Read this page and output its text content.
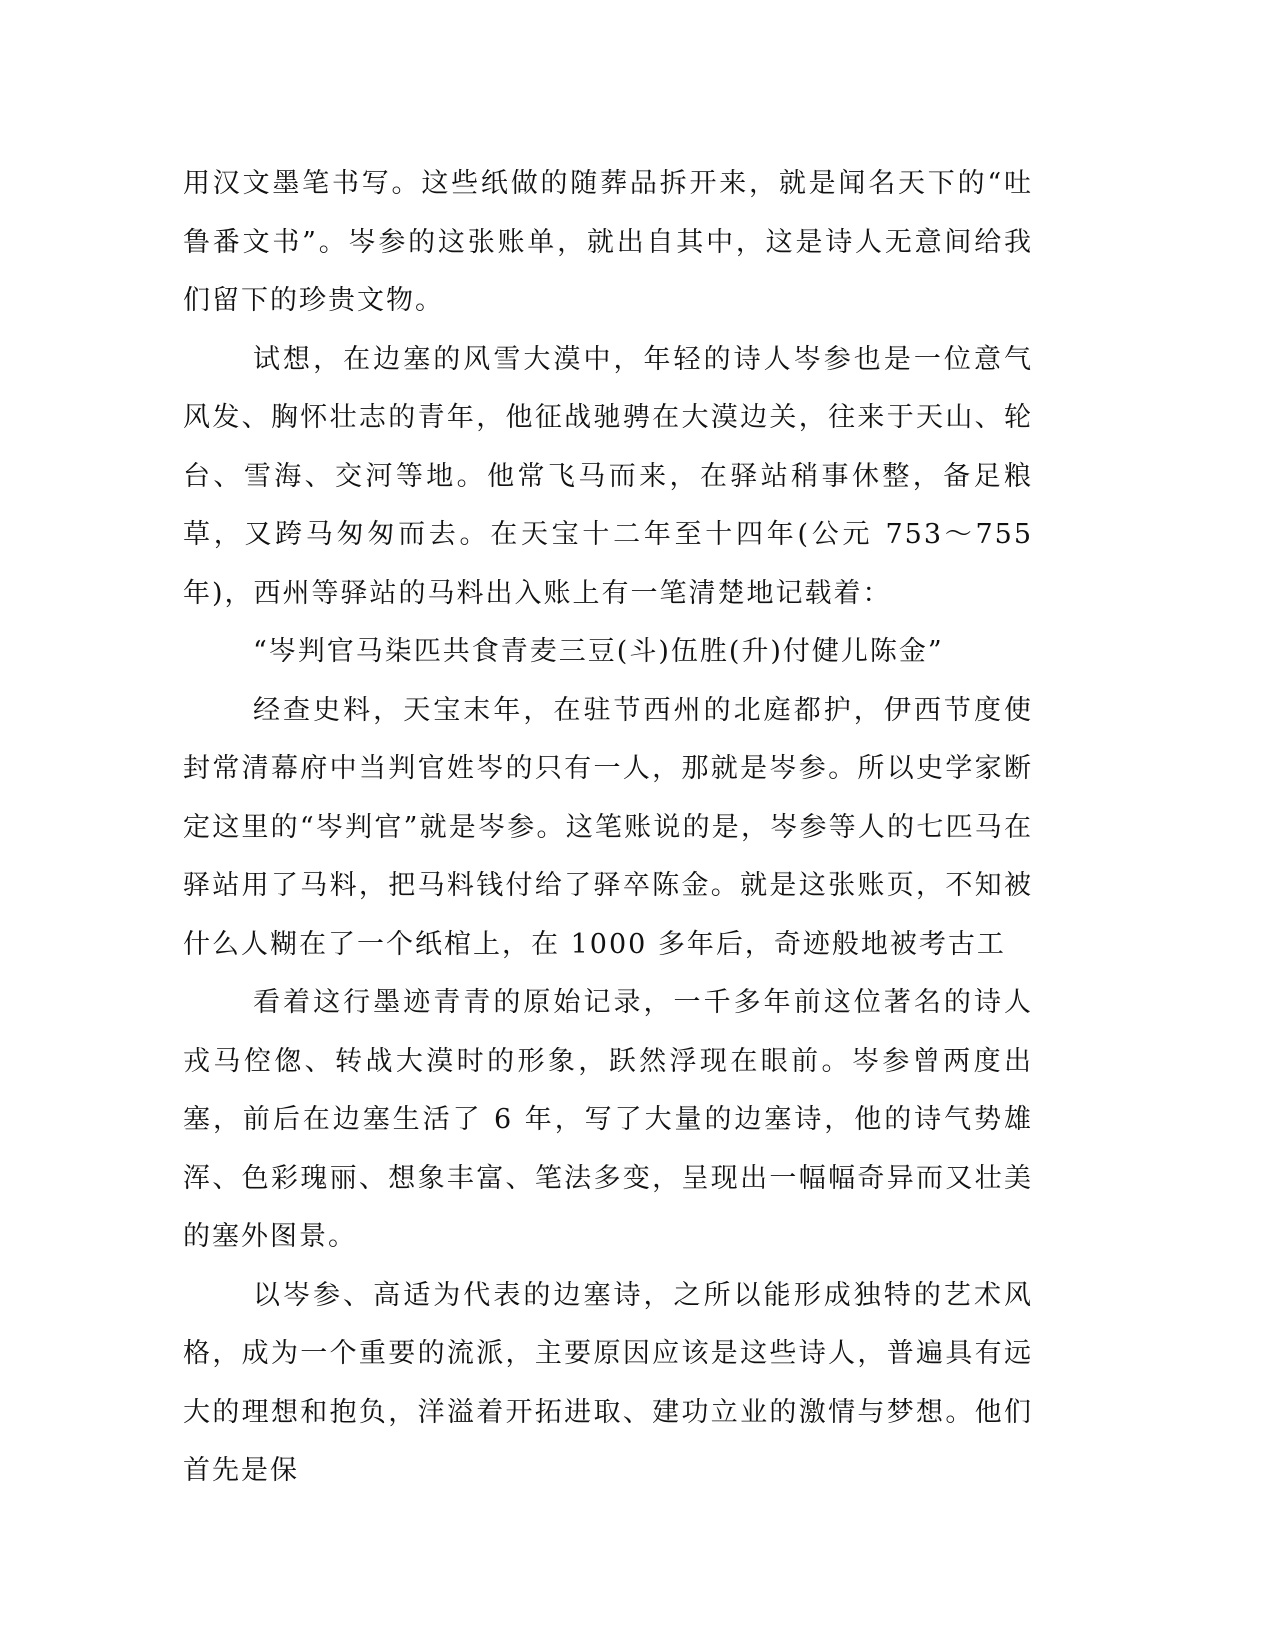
用汉文墨笔书写。这些纸做的随葬品拆开来，就是闻名天下的“吐鲁番文书”。岑参的这张账单，就出自其中，这是诗人无意间给我们留下的珍贵文物。

试想，在边塞的风雪大漠中，年轻的诗人岑参也是一位意气风发、胸怀壮志的青年，他征战驰骋在大漠边关，往来于天山、轮台、雪海、交河等地。他常飞马而来，在驿站稍事休整，备足粮草，又跨马匆匆而去。在天宝十二年至十四年(公元 753～755 年)，西州等驿站的马料出入账上有一笔清楚地记载着：

“岑判官马柒匹共食青麦三豆(斗)伍胜(升)付健儿陈金”

经查史料，天宝末年，在驻节西州的北庭都护，伊西节度使封常清幕府中当判官姓岑的只有一人，那就是岑参。所以史学家断定这里的“岑判官”就是岑参。这笔账说的是，岑参等人的七匹马在驿站用了马料，把马料钱付给了驿卒陈金。就是这张账页，不知被什么人糊在了一个纸棺上，在 1000 多年后，奇迹般地被考古工

看着这行墨迹青青的原始记录，一千多年前这位著名的诗人戎马倥偬、转战大漠时的形象，跃然浮现在眼前。岑参曾两度出塞，前后在边塞生活了 6 年，写了大量的边塞诗，他的诗气势雄浑、色彩瑰丽、想象丰富、笔法多变，呈现出一幅幅奇异而又壮美的塞外图景。

以岑参、高适为代表的边塞诗，之所以能形成独特的艺术风格，成为一个重要的流派，主要原因应该是这些诗人，普遍具有远大的理想和抱负，洋溢着开拓进取、建功立业的激情与梦想。他们首先是保
